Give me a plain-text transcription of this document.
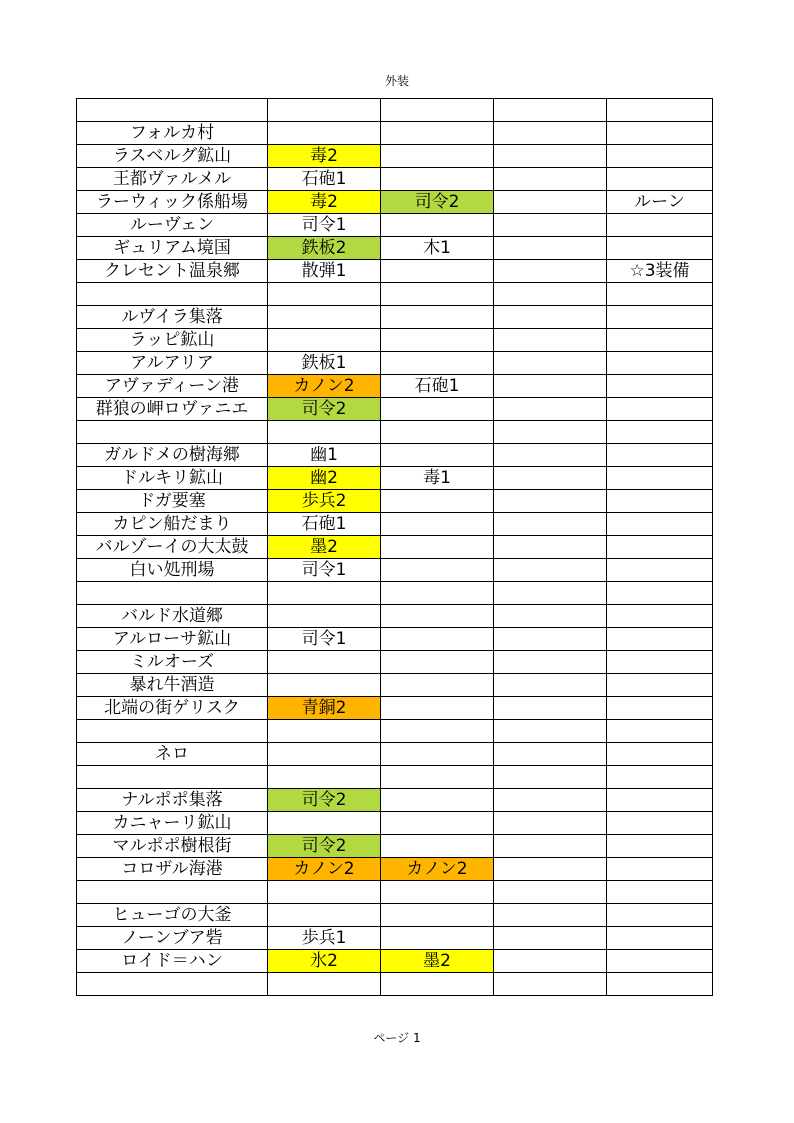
外装

フォルカ村				
ラスベルグ鉱山	毒2			
王都ヴァルメル	石砲1			
ラーウィック係船場	毒2	司令2		ルーン
ルーヴェン	司令1			
ギュリアム境国	鉄板2	木1		
クレセント温泉郷	散弾1			☆3装備

ルヴイラ集落				
ラッピ鉱山				
アルアリア	鉄板1			
アヴァディーン港	カノン2	石砲1		
群狼の岬ロヴァニエ	司令2			

ガルドメの樹海郷	幽1			
ドルキリ鉱山	幽2	毒1		
ドガ要塞	歩兵2			
カピン船だまり	石砲1			
バルゾーイの大太鼓	墨2			
白い処刑場	司令1			

バルド水道郷				
アルローサ鉱山	司令1			
ミルオーズ				
暴れ牛酒造				
北端の街ゲリスク	青銅2			

ネロ				

ナルポポ集落	司令2			
カニャーリ鉱山				
マルポポ樹根街	司令2			
コロザル海港	カノン2	カノン2		

ヒューゴの大釜				
ノーンブア砦	歩兵1			
ロイド＝ハン	氷2	墨2		

ページ 1
